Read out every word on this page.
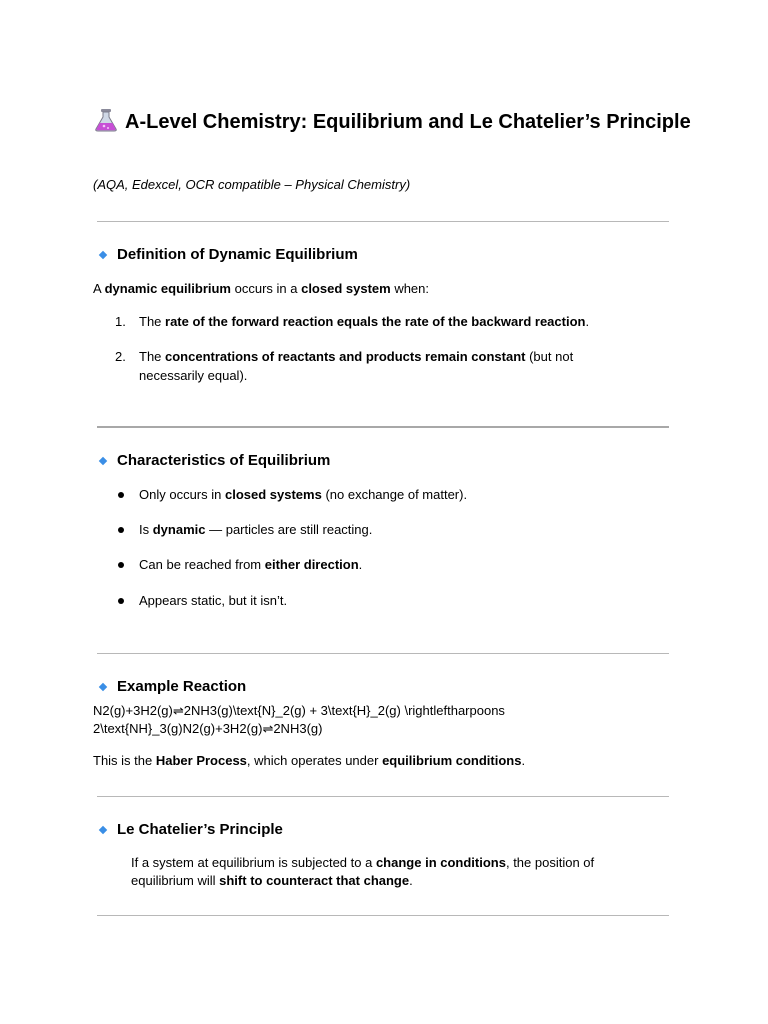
A-Level Chemistry: Equilibrium and Le Chatelier’s Principle

(AQA, Edexcel, OCR compatible – Physical Chemistry)

Definition of Dynamic Equilibrium

A dynamic equilibrium occurs in a closed system when:

1.	The rate of the forward reaction equals the rate of the backward reaction.
2.	The concentrations of reactants and products remain constant (but not necessarily equal).
Characteristics of Equilibrium
Only occurs in closed systems (no exchange of matter).
Is dynamic — particles are still reacting.
Can be reached from either direction.
Appears static, but it isn’t.
Example Reaction

N2(g)+3H2(g)⇌2NH3(g)\text{N}_2(g) + 3\text{H}_2(g) \rightleftharpoons 2\text{NH}_3(g)N2(g)+3H2(g)⇌2NH3(g)

This is the Haber Process, which operates under equilibrium conditions.

Le Chatelier’s Principle

If a system at equilibrium is subjected to a change in conditions, the position of equilibrium will shift to counteract that change.
